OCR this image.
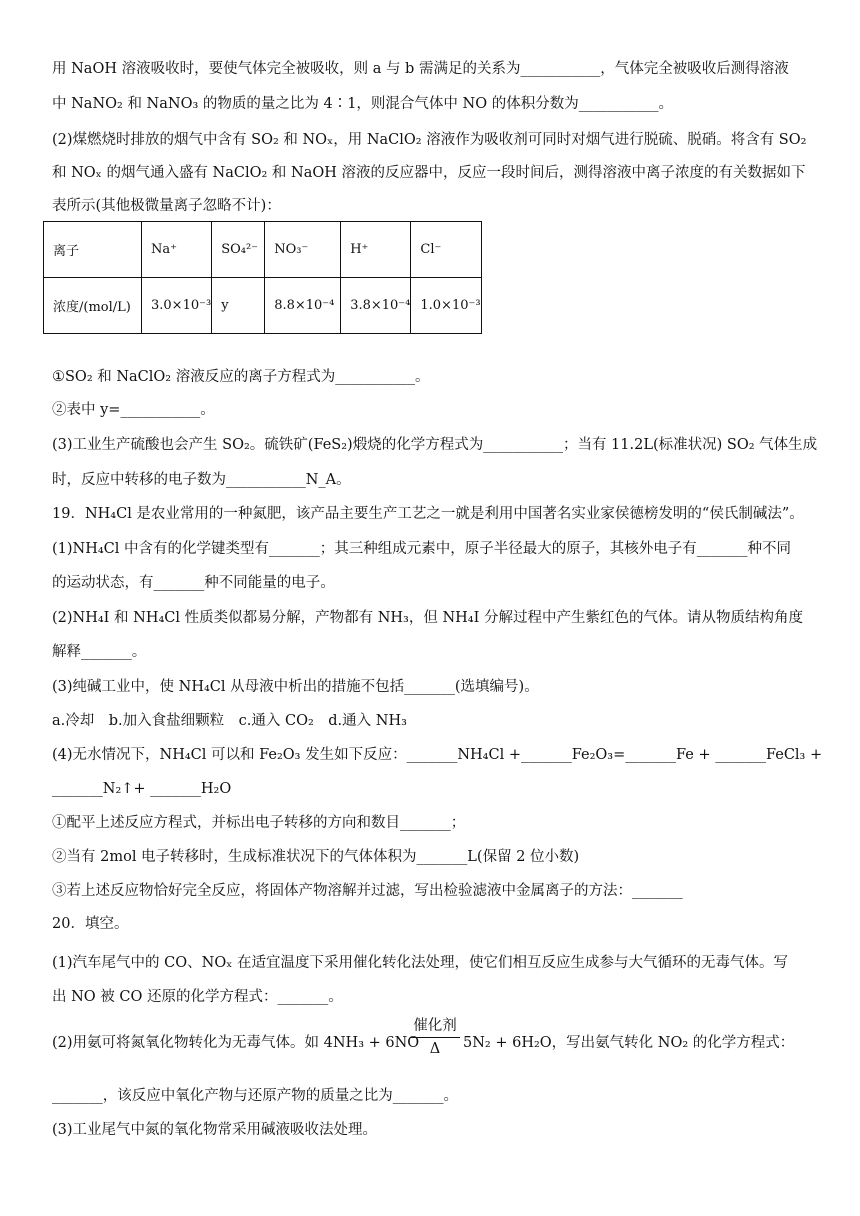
用 NaOH 溶液吸收时，要使气体完全被吸收，则 a 与 b 需满足的关系为___________，气体完全被吸收后测得溶液
中 NaNO₂ 和 NaNO₃ 的物质的量之比为 4∶1，则混合气体中 NO 的体积分数为___________。
(2)煤燃烧时排放的烟气中含有 SO₂ 和 NOₓ，用 NaClO₂ 溶液作为吸收剂可同时对烟气进行脱硫、脱硝。将含有 SO₂
和 NOₓ 的烟气通入盛有 NaClO₂ 和 NaOH 溶液的反应器中，反应一段时间后，测得溶液中离子浓度的有关数据如下
表所示(其他极微量离子忽略不计)：
离子	Na⁺	SO₄²⁻	NO₃⁻	H⁺	Cl⁻
浓度/(mol/L)	3.0×10⁻³	y	8.8×10⁻⁴	3.8×10⁻⁴	1.0×10⁻³
①SO₂ 和 NaClO₂ 溶液反应的离子方程式为___________。
②表中 y=___________。
(3)工业生产硫酸也会产生 SO₂。硫铁矿(FeS₂)煅烧的化学方程式为___________；当有 11.2L(标准状况) SO₂ 气体生成
时，反应中转移的电子数为___________N_A。
19．NH₄Cl 是农业常用的一种氮肥，该产品主要生产工艺之一就是利用中国著名实业家侯德榜发明的“侯氏制碱法”。
(1)NH₄Cl 中含有的化学键类型有_______；其三种组成元素中，原子半径最大的原子，其核外电子有_______种不同
的运动状态，有_______种不同能量的电子。
(2)NH₄I 和 NH₄Cl 性质类似都易分解，产物都有 NH₃，但 NH₄I 分解过程中产生紫红色的气体。请从物质结构角度
解释_______。
(3)纯碱工业中，使 NH₄Cl 从母液中析出的措施不包括_______(选填编号)。
a.冷却　b.加入食盐细颗粒　c.通入 CO₂　d.通入 NH₃
(4)无水情况下，NH₄Cl 可以和 Fe₂O₃ 发生如下反应：_______NH₄Cl +_______Fe₂O₃=_______Fe + _______FeCl₃ +
_______N₂↑+ _______H₂O
①配平上述反应方程式，并标出电子转移的方向和数目_______；
②当有 2mol 电子转移时，生成标准状况下的气体体积为_______L(保留 2 位小数)
③若上述反应物恰好完全反应，将固体产物溶解并过滤，写出检验滤液中金属离子的方法：_______
20．填空。
(1)汽车尾气中的 CO、NOₓ 在适宜温度下采用催化转化法处理，使它们相互反应生成参与大气循环的无毒气体。写
出 NO 被 CO 还原的化学方程式：_______。
(2)用氨可将氮氧化物转化为无毒气体。如 4NH₃ + 6NO
催化剂
Δ	5N₂ + 6H₂O，写出氨气转化 NO₂ 的化学方程式：
_______，该反应中氧化产物与还原产物的质量之比为_______。
(3)工业尾气中氮的氧化物常采用碱液吸收法处理。
